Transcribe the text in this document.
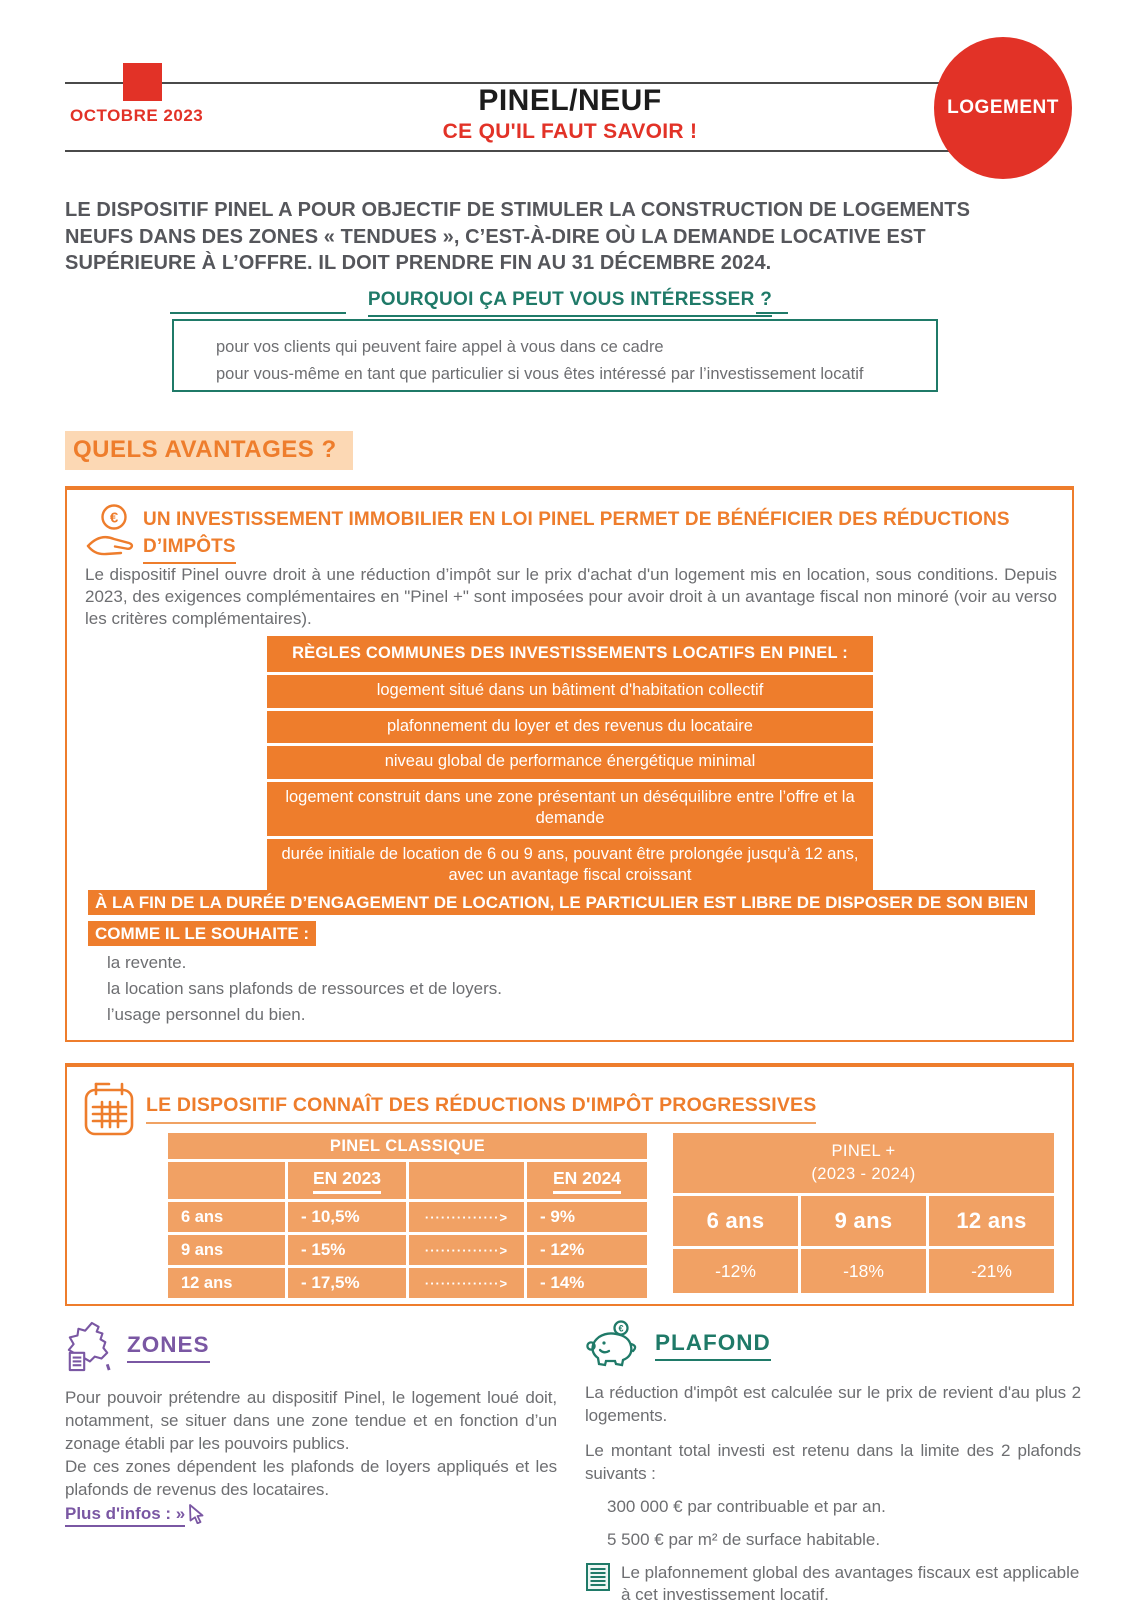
OCTOBRE 2023	PINEL/NEUF
CE QU'IL FAUT SAVOIR !
LOGEMENT
LE DISPOSITIF PINEL A POUR OBJECTIF DE STIMULER LA CONSTRUCTION DE LOGEMENTS NEUFS DANS DES ZONES « TENDUES », C’EST-À-DIRE OÙ LA DEMANDE LOCATIVE EST SUPÉRIEURE À L’OFFRE. IL DOIT PRENDRE FIN AU 31 DÉCEMBRE 2024.
POURQUOI ÇA PEUT VOUS INTÉRESSER ?
pour vos clients qui peuvent faire appel à vous dans ce cadre
pour vous-même en tant que particulier si vous êtes intéressé par l’investissement locatif
QUELS AVANTAGES ?
€ UN INVESTISSEMENT IMMOBILIER EN LOI PINEL PERMET DE BÉNÉFICIER DES RÉDUCTIONS
D’IMPÔTS
Le dispositif Pinel ouvre droit à une réduction d’impôt sur le prix d'achat d'un logement mis en location, sous conditions. Depuis 2023, des exigences complémentaires en "Pinel +" sont imposées pour avoir droit à un avantage fiscal non minoré (voir au verso les critères complémentaires).
RÈGLES COMMUNES DES INVESTISSEMENTS LOCATIFS EN PINEL :
logement situé dans un bâtiment d'habitation collectif
plafonnement du loyer et des revenus du locataire
niveau global de performance énergétique minimal
logement construit dans une zone présentant un déséquilibre entre l’offre et la demande
durée initiale de location de 6 ou 9 ans, pouvant être prolongée jusqu’à 12 ans, avec un avantage fiscal croissant
À LA FIN DE LA DURÉE D’ENGAGEMENT DE LOCATION, LE PARTICULIER EST LIBRE DE DISPOSER DE SON BIEN COMME IL LE SOUHAITE :
la revente.
la location sans plafonds de ressources et de loyers.
l’usage personnel du bien.
LE DISPOSITIF CONNAÎT DES RÉDUCTIONS D'IMPÔT PROGRESSIVES
PINEL CLASSIQUE
EN 2023	EN 2024
6 ans	- 10,5%	··············>	- 9%
9 ans	- 15%	··············>	- 12%
12 ans	- 17,5%	··············>	- 14%
PINEL +
(2023 - 2024)
6 ans	9 ans	12 ans
-12%	-18%	-21%
ZONES

Pour pouvoir prétendre au dispositif Pinel, le logement loué doit, notamment, se situer dans une zone tendue et en fonction d’un zonage établi par les pouvoirs publics.

De ces zones dépendent les plafonds de loyers appliqués et les plafonds de revenus des locataires.

Plus d'infos : »
€
PLAFOND

La réduction d'impôt est calculée sur le prix de revient d'au plus 2 logements.

Le montant total investi est retenu dans la limite des 2 plafonds suivants :

300 000 € par contribuable et par an.
5 500 € par m² de surface habitable.
Le plafonnement global des avantages fiscaux est applicable à cet investissement locatif.
